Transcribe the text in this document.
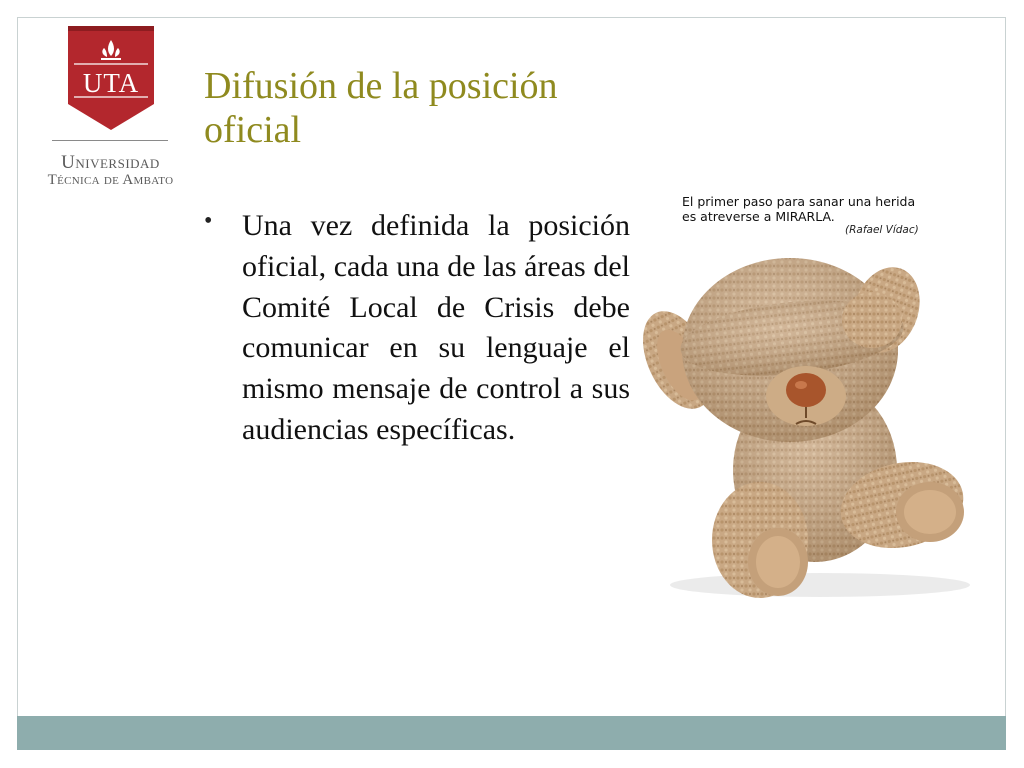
UTA
Universidad
Técnica de Ambato
Difusión de la posición oficial
• Una vez definida la posición oficial, cada una de las áreas del Comité Local de Crisis debe comunicar en su lenguaje el mismo mensaje de control a sus audiencias específicas.
El primer paso para sanar una herida
es atreverse a MIRARLA.
(Rafael Vídac)
